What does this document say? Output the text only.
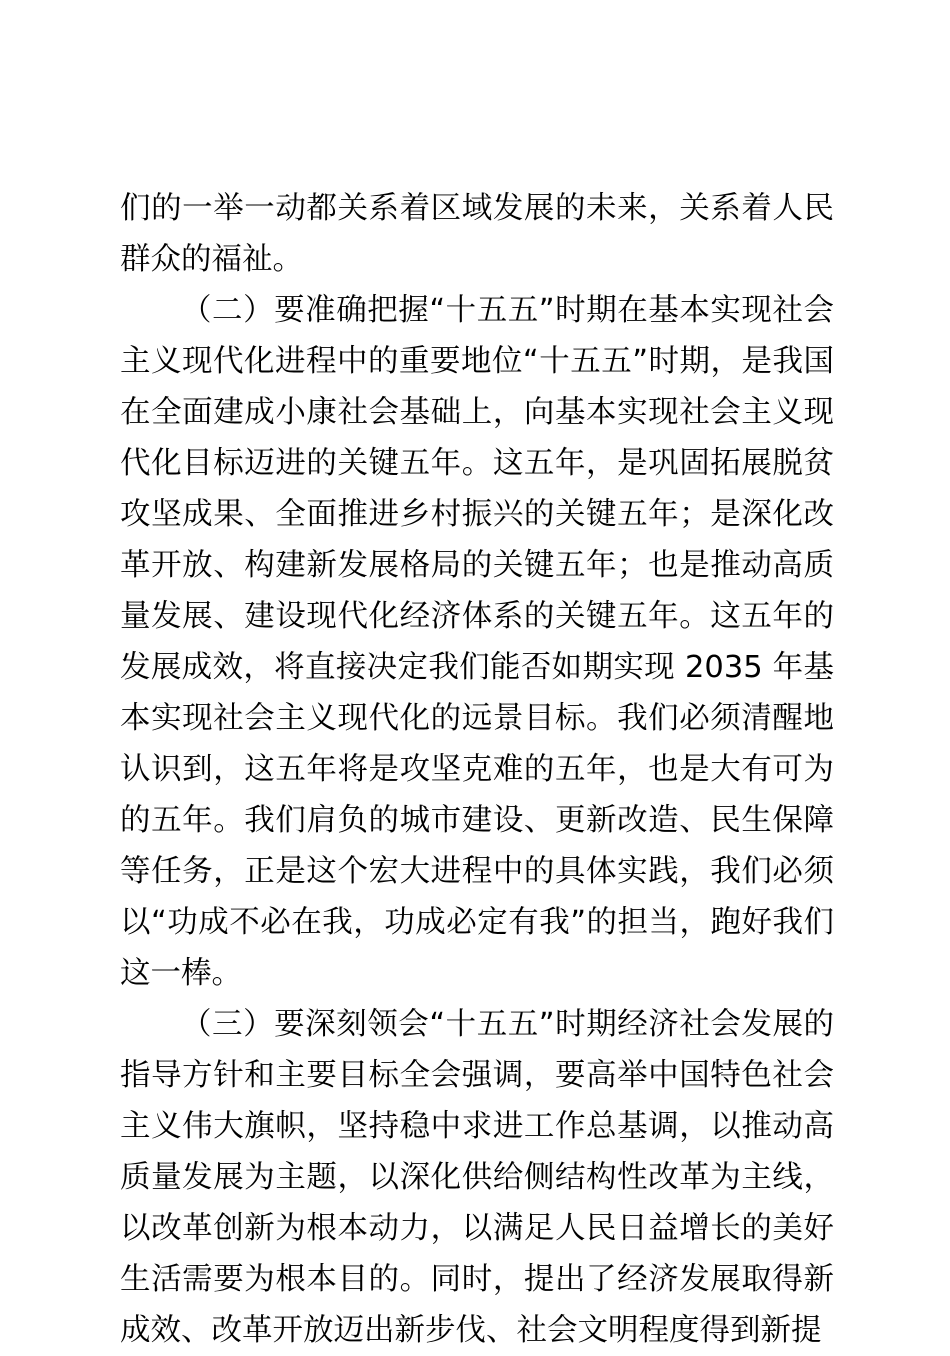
们的一举一动都关系着区域发展的未来，关系着人民群众的福祉。

（二）要准确把握“十五五”时期在基本实现社会主义现代化进程中的重要地位“十五五”时期，是我国在全面建成小康社会基础上，向基本实现社会主义现代化目标迈进的关键五年。这五年，是巩固拓展脱贫攻坚成果、全面推进乡村振兴的关键五年；是深化改革开放、构建新发展格局的关键五年；也是推动高质量发展、建设现代化经济体系的关键五年。这五年的发展成效，将直接决定我们能否如期实现 2035 年基本实现社会主义现代化的远景目标。我们必须清醒地认识到，这五年将是攻坚克难的五年，也是大有可为的五年。我们肩负的城市建设、更新改造、民生保障等任务，正是这个宏大进程中的具体实践，我们必须以“功成不必在我，功成必定有我”的担当，跑好我们这一棒。

（三）要深刻领会“十五五”时期经济社会发展的指导方针和主要目标全会强调，要高举中国特色社会主义伟大旗帜，坚持稳中求进工作总基调，以推动高质量发展为主题，以深化供给侧结构性改革为主线，以改革创新为根本动力，以满足人民日益增长的美好生活需要为根本目的。同时，提出了经济发展取得新成效、改革开放迈出新步伐、社会文明程度得到新提
